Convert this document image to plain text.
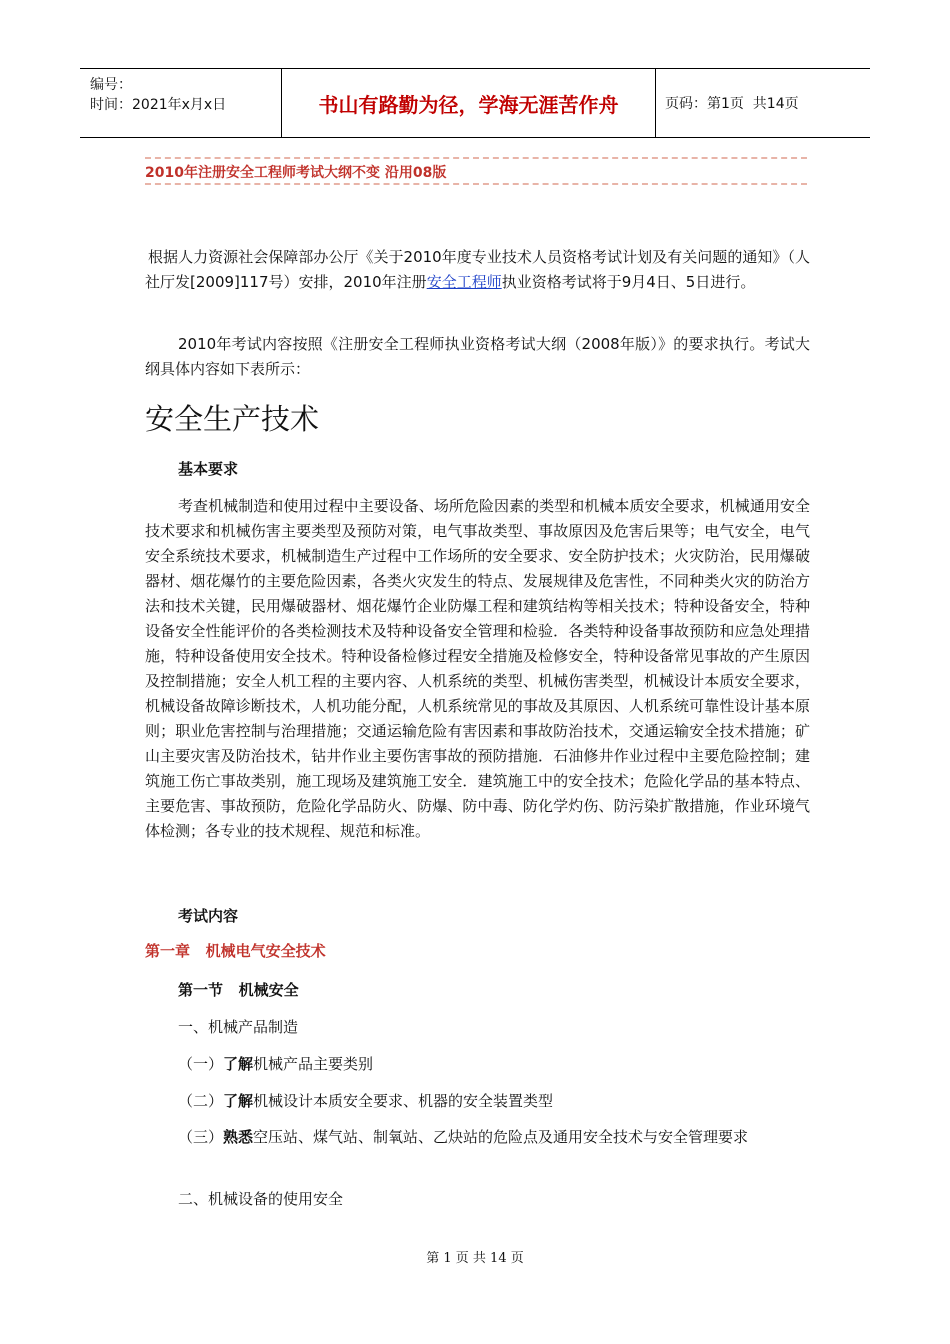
编号：
时间：2021年x月x日	书山有路勤为径，学海无涯苦作舟	页码：第1页  共14页
2010年注册安全工程师考试大纲不变 沿用08版

根据人力资源社会保障部办公厅《关于2010年度专业技术人员资格考试计划及有关问题的通知》（人社厅发[2009]117号）安排，2010年注册安全工程师执业资格考试将于9月4日、5日进行。

2010年考试内容按照《注册安全工程师执业资格考试大纲（2008年版）》的要求执行。考试大纲具体内容如下表所示：

安全生产技术
基本要求

考查机械制造和使用过程中主要设备、场所危险因素的类型和机械本质安全要求，机械通用安全技术要求和机械伤害主要类型及预防对策，电气事故类型、事故原因及危害后果等；电气安全，电气安全系统技术要求，机械制造生产过程中工作场所的安全要求、安全防护技术；火灾防治，民用爆破器材、烟花爆竹的主要危险因素，各类火灾发生的特点、发展规律及危害性，不同种类火灾的防治方法和技术关键，民用爆破器材、烟花爆竹企业防爆工程和建筑结构等相关技术；特种设备安全，特种设备安全性能评价的各类检测技术及特种设备安全管理和检验．各类特种设备事故预防和应急处理措施，特种设备使用安全技术。特种设备检修过程安全措施及检修安全，特种设备常见事故的产生原因及控制措施；安全人机工程的主要内容、人机系统的类型、机械伤害类型，机械设计本质安全要求，机械设备故障诊断技术，人机功能分配，人机系统常见的事故及其原因、人机系统可靠性设计基本原则；职业危害控制与治理措施；交通运输危险有害因素和事故防治技术，交通运输安全技术措施；矿山主要灾害及防治技术，钻井作业主要伤害事故的预防措施．石油修井作业过程中主要危险控制；建筑施工伤亡事故类别，施工现场及建筑施工安全．建筑施工中的安全技术；危险化学品的基本特点、主要危害、事故预防，危险化学品防火、防爆、防中毒、防化学灼伤、防污染扩散措施，作业环境气体检测；各专业的技术规程、规范和标准。

考试内容
第一章   机械电气安全技术
第一节   机械安全
一、机械产品制造
（一）了解机械产品主要类别
（二）了解机械设计本质安全要求、机器的安全装置类型

（三）熟悉空压站、煤气站、制氧站、乙炔站的危险点及通用安全技术与安全管理要求

二、机械设备的使用安全
第 1 页 共 14 页
